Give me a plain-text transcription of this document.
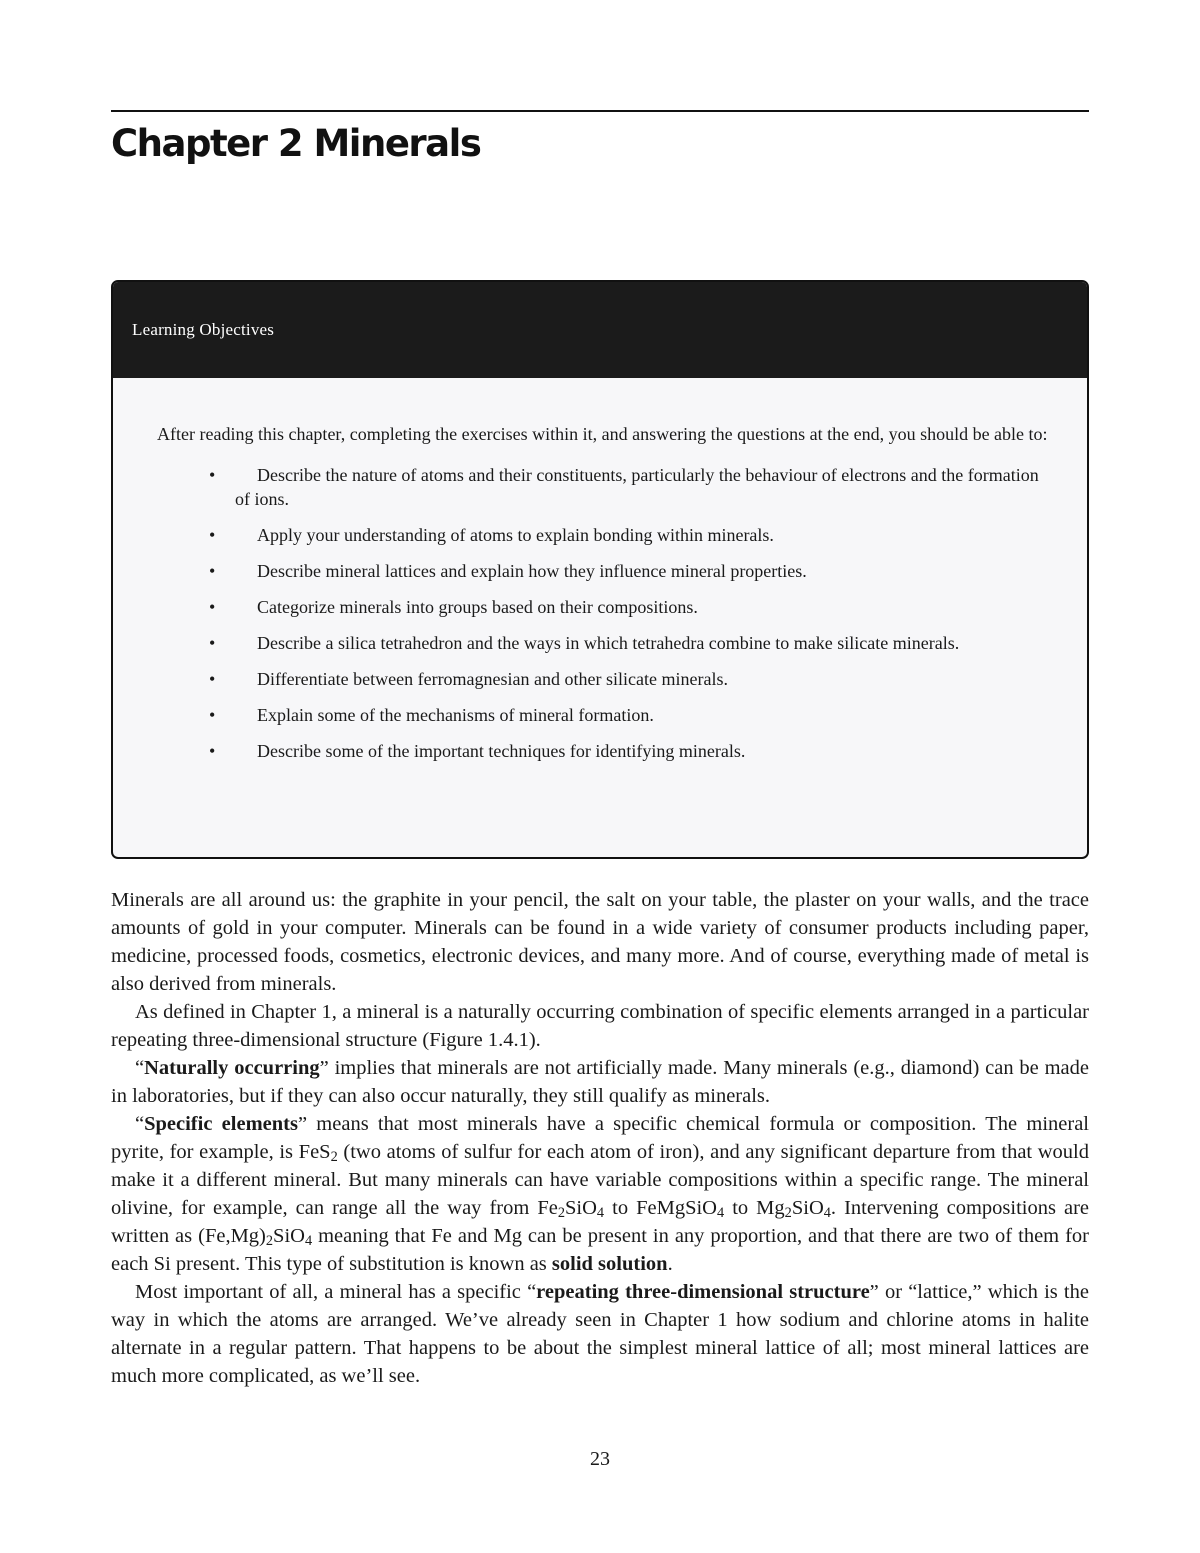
Chapter 2 Minerals
Learning Objectives

After reading this chapter, completing the exercises within it, and answering the questions at the end, you should be able to:

• Describe the nature of atoms and their constituents, particularly the behaviour of electrons and the formation of ions.
• Apply your understanding of atoms to explain bonding within minerals.
• Describe mineral lattices and explain how they influence mineral properties.
• Categorize minerals into groups based on their compositions.
• Describe a silica tetrahedron and the ways in which tetrahedra combine to make silicate minerals.
• Differentiate between ferromagnesian and other silicate minerals.
• Explain some of the mechanisms of mineral formation.
• Describe some of the important techniques for identifying minerals.

Minerals are all around us: the graphite in your pencil, the salt on your table, the plaster on your walls, and the trace amounts of gold in your computer. Minerals can be found in a wide variety of consumer products including paper, medicine, processed foods, cosmetics, electronic devices, and many more. And of course, everything made of metal is also derived from minerals.

As defined in Chapter 1, a mineral is a naturally occurring combination of specific elements arranged in a particular repeating three-dimensional structure (Figure 1.4.1).

“Naturally occurring” implies that minerals are not artificially made. Many minerals (e.g., diamond) can be made in laboratories, but if they can also occur naturally, they still qualify as minerals.

“Specific elements” means that most minerals have a specific chemical formula or composition. The mineral pyrite, for example, is FeS$_2$ (two atoms of sulfur for each atom of iron), and any significant departure from that would make it a different mineral. But many minerals can have variable compositions within a specific range. The mineral olivine, for example, can range all the way from $Fe_2SiO_4$ to FeMgSiO$_4$ to $Mg_2SiO_4$. Intervening compositions are written as $(Fe,Mg)_2SiO_4$ meaning that Fe and Mg can be present in any proportion, and that there are two of them for each Si present. This type of substitution is known as solid solution.

Most important of all, a mineral has a specific “repeating three-dimensional structure” or “lattice,” which is the way in which the atoms are arranged. We’ve already seen in Chapter 1 how sodium and chlorine atoms in halite alternate in a regular pattern. That happens to be about the simplest mineral lattice of all; most mineral lattices are much more complicated, as we’ll see.

23
